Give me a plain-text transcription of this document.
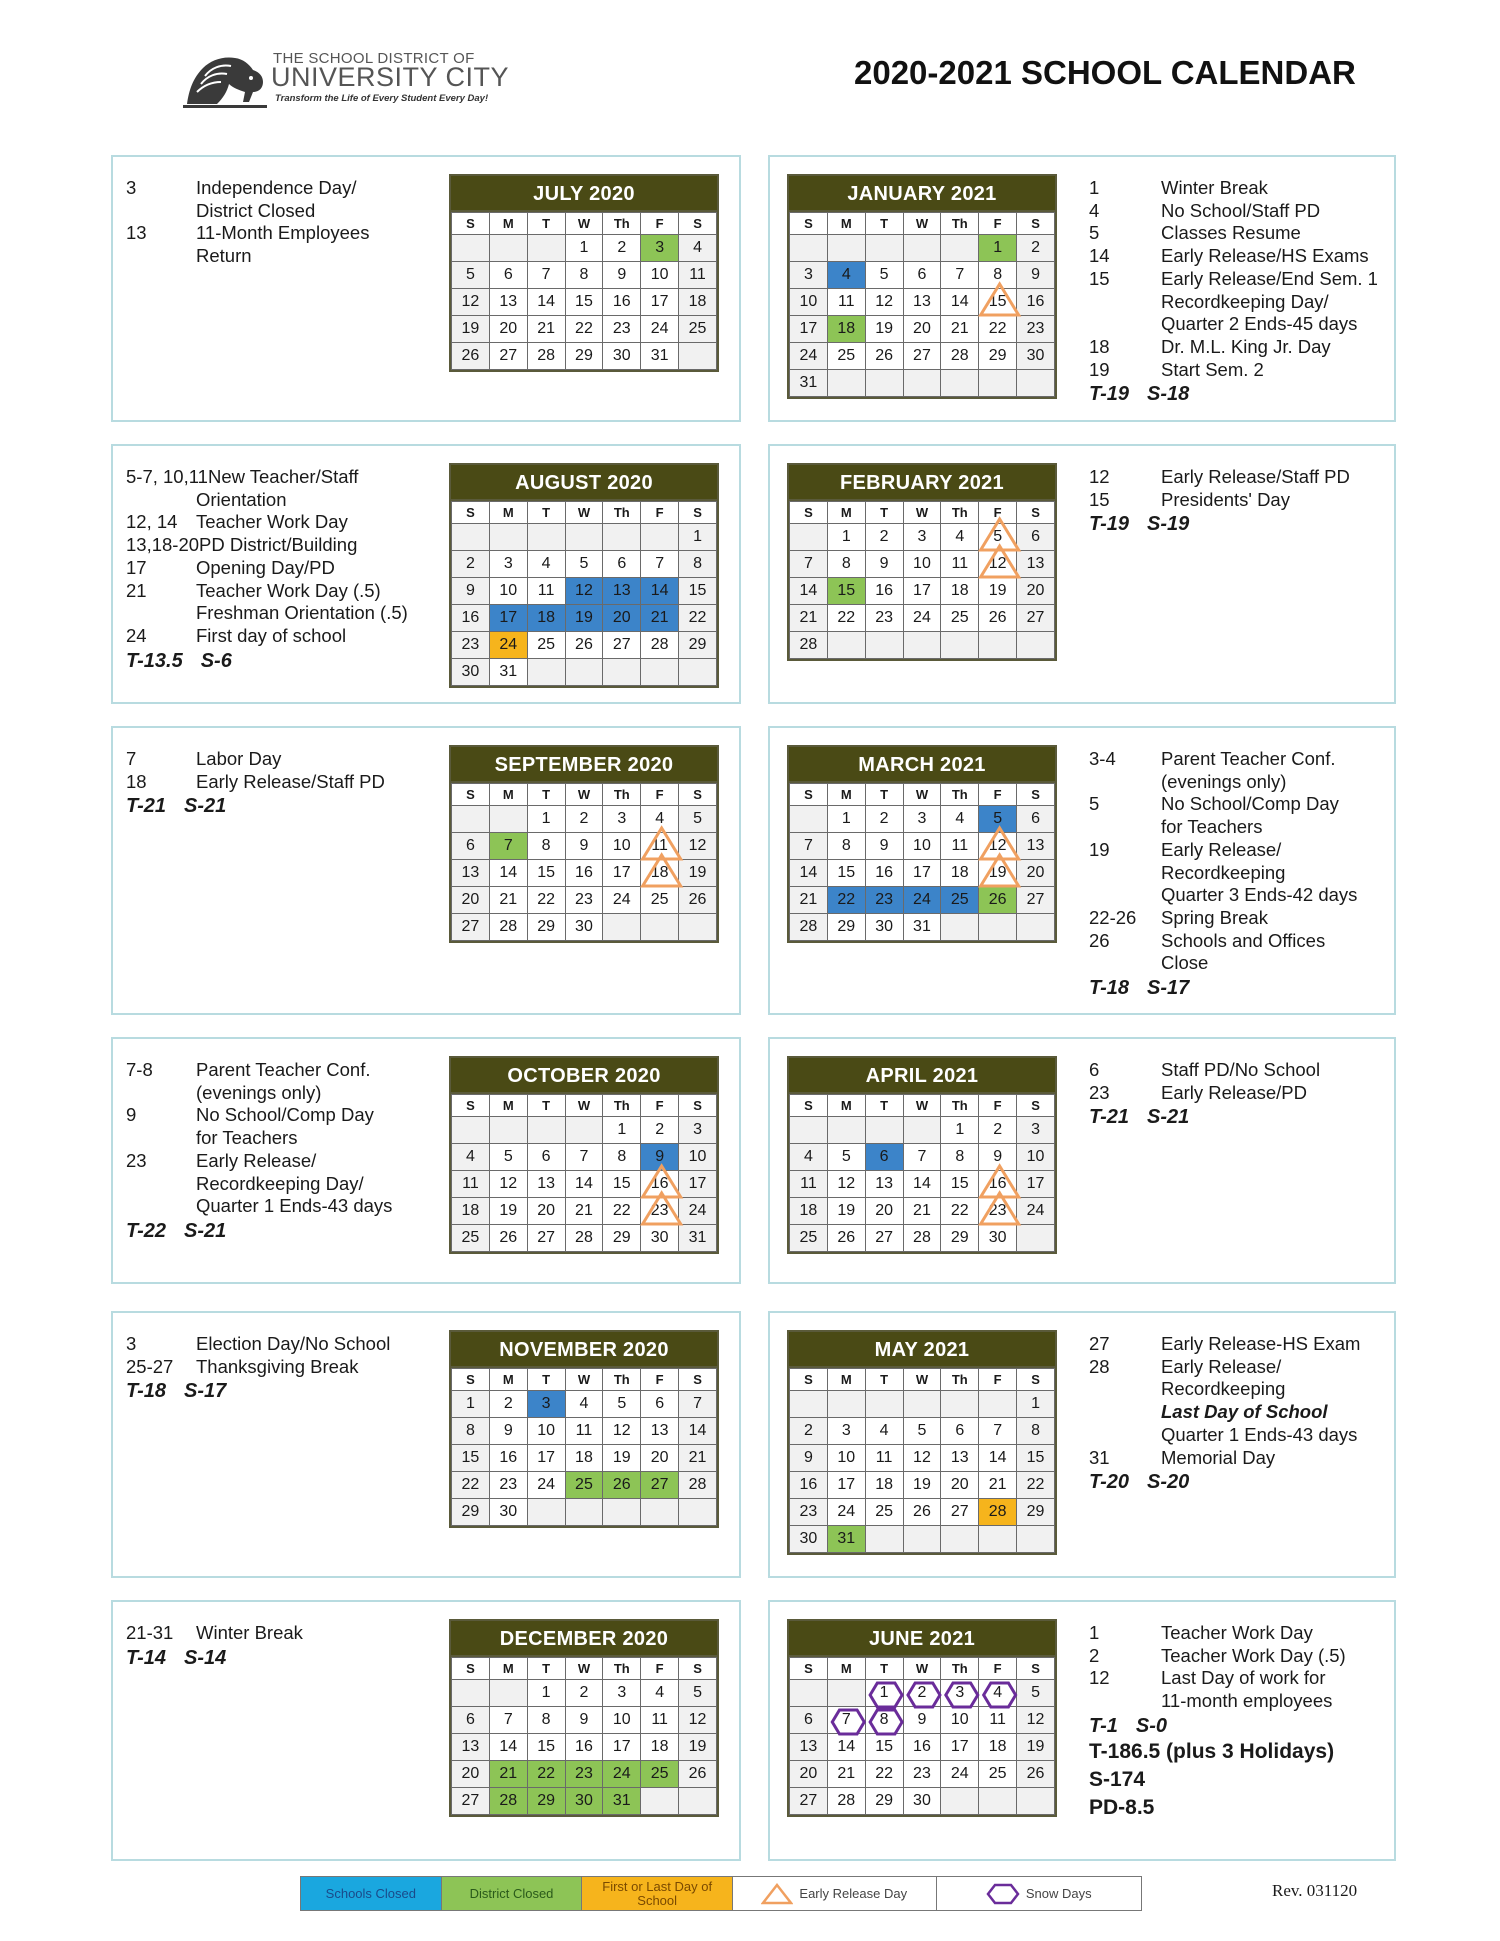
THE SCHOOL DISTRICT OF
UNIVERSITY CITY
Transform the Life of Every Student Every Day!
2020-2021 SCHOOL CALENDAR
3	Independence Day/
District Closed
13	11-Month Employees
Return
JULY 2020
S	M	T	W	Th	F	S
			1	2	3	4
5	6	7	8	9	10	11
12	13	14	15	16	17	18
19	20	21	22	23	24	25
26	27	28	29	30	31	
1	Winter Break
4	No School/Staff PD
5	Classes Resume
14	Early Release/HS Exams
15	Early Release/End Sem. 1
Recordkeeping Day/
Quarter 2 Ends-45 days
18	Dr. M.L. King Jr. Day
19	Start Sem. 2
T-19 S-18
JANUARY 2021
S	M	T	W	Th	F	S
					1	2
3	4	5	6	7	8	9
10	11	12	13	14	15	16
17	18	19	20	21	22	23
24	25	26	27	28	29	30
31						
5-7, 10,11 New Teacher/Staff
Orientation
12, 14	Teacher Work Day
13,18-20 PD District/Building
17	Opening Day/PD
21	Teacher Work Day (.5)
Freshman Orientation (.5)
24	First day of school
T-13.5 S-6
AUGUST 2020
S	M	T	W	Th	F	S
						1
2	3	4	5	6	7	8
9	10	11	12	13	14	15
16	17	18	19	20	21	22
23	24	25	26	27	28	29
30	31					
12	Early Release/Staff PD
15	Presidents' Day
T-19 S-19
FEBRUARY 2021
S	M	T	W	Th	F	S
	1	2	3	4	5	6
7	8	9	10	11	12	13
14	15	16	17	18	19	20
21	22	23	24	25	26	27
28						
7	Labor Day
18	Early Release/Staff PD
T-21 S-21
SEPTEMBER 2020
S	M	T	W	Th	F	S
		1	2	3	4	5
6	7	8	9	10	11	12
13	14	15	16	17	18	19
20	21	22	23	24	25	26
27	28	29	30			
3-4	Parent Teacher Conf.
(evenings only)
5	No School/Comp Day
for Teachers
19	Early Release/
Recordkeeping
Quarter 3 Ends-42 days
22-26	Spring Break
26	Schools and Offices
Close
T-18 S-17
MARCH 2021
S	M	T	W	Th	F	S
	1	2	3	4	5	6
7	8	9	10	11	12	13
14	15	16	17	18	19	20
21	22	23	24	25	26	27
28	29	30	31			
7-8	Parent Teacher Conf.
(evenings only)
9	No School/Comp Day
for Teachers
23	Early Release/
Recordkeeping Day/
Quarter 1 Ends-43 days
T-22 S-21
OCTOBER 2020
S	M	T	W	Th	F	S
				1	2	3
4	5	6	7	8	9	10
11	12	13	14	15	16	17
18	19	20	21	22	23	24
25	26	27	28	29	30	31
6	Staff PD/No School
23	Early Release/PD
T-21 S-21
APRIL 2021
S	M	T	W	Th	F	S
				1	2	3
4	5	6	7	8	9	10
11	12	13	14	15	16	17
18	19	20	21	22	23	24
25	26	27	28	29	30	
3	Election Day/No School
25-27	Thanksgiving Break
T-18 S-17
NOVEMBER 2020
S	M	T	W	Th	F	S
1	2	3	4	5	6	7
8	9	10	11	12	13	14
15	16	17	18	19	20	21
22	23	24	25	26	27	28
29	30					
27	Early Release-HS Exam
28	Early Release/
Recordkeeping
Last Day of School
Quarter 1 Ends-43 days
31	Memorial Day
T-20 S-20
MAY 2021
S	M	T	W	Th	F	S
						1
2	3	4	5	6	7	8
9	10	11	12	13	14	15
16	17	18	19	20	21	22
23	24	25	26	27	28	29
30	31					
21-31	Winter Break
T-14 S-14
DECEMBER 2020
S	M	T	W	Th	F	S
		1	2	3	4	5
6	7	8	9	10	11	12
13	14	15	16	17	18	19
20	21	22	23	24	25	26
27	28	29	30	31		
1	Teacher Work Day
2	Teacher Work Day (.5)
12	Last Day of work for
11-month employees
T-1 S-0
T-186.5 (plus 3 Holidays)
S-174
PD-8.5
JUNE 2021
S	M	T	W	Th	F	S
		1	2	3	4	5
6	7	8	9	10	11	12
13	14	15	16	17	18	19
20	21	22	23	24	25	26
27	28	29	30			
Schools Closed	District Closed	First or Last Day of School	Early Release Day	Snow Days	Rev. 031120
